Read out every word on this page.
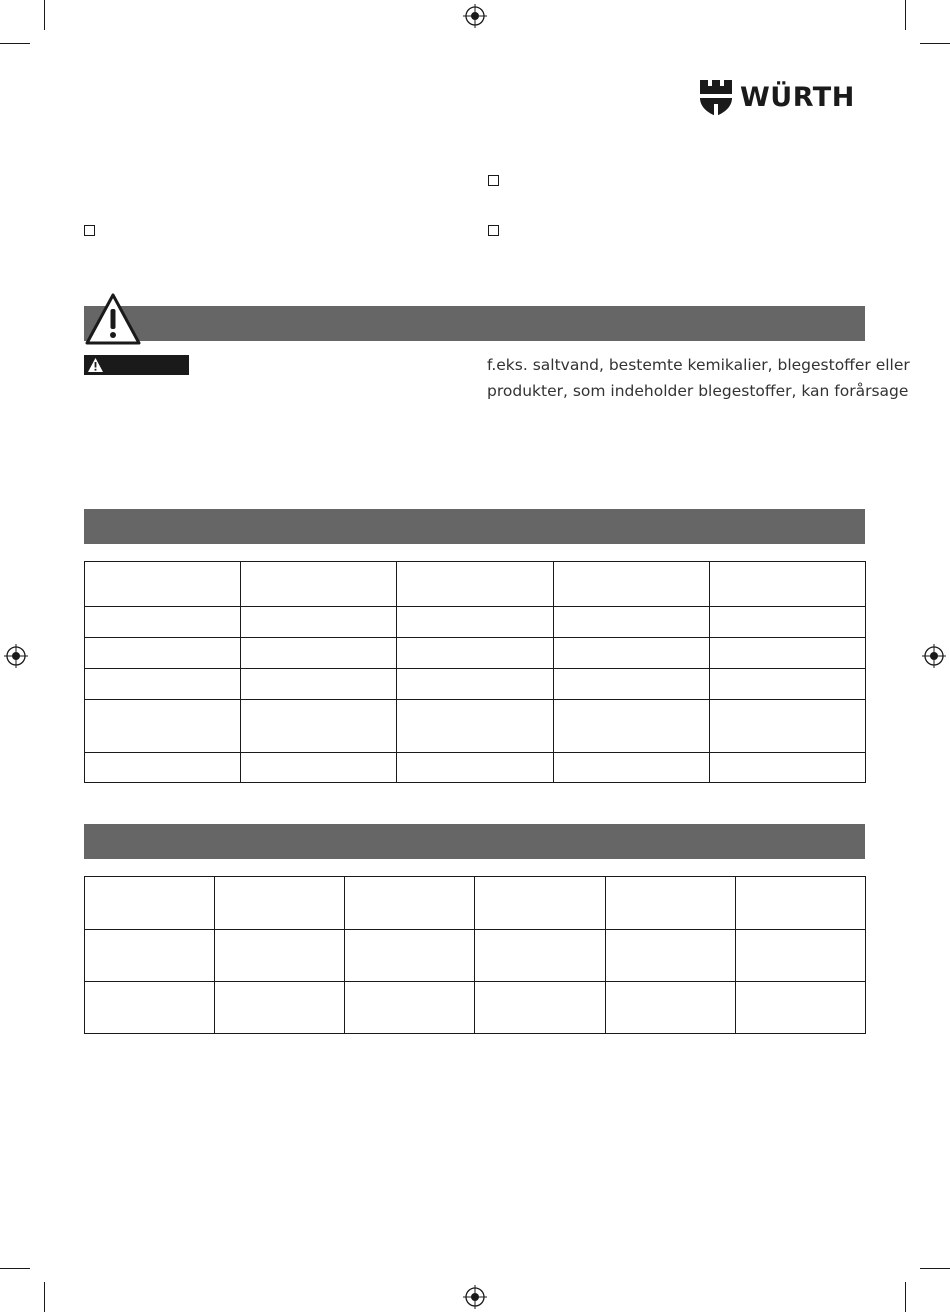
WÜRTH
f.eks. saltvand, bestemte kemikalier, blegestoffer eller
produkter, som indeholder blegestoffer, kan forårsage
